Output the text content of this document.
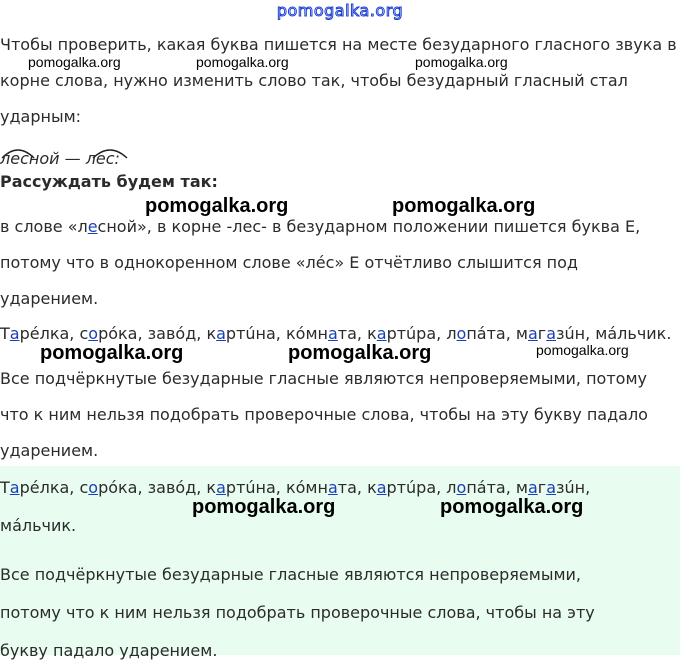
pomogalka.org
Чтобы проверить, какая буква пишется на месте безударного гласного звука в
pomogalka.org	pomogalka.org	pomogalka.org
корне слова, нужно изменить слово так, чтобы безударный гласный стал
ударным:
лесной — лес:
Рассуждать будем так:
pomogalka.org	pomogalka.org
в слове «лесной», в корне -лес- в безударном положении пишется буква Е,
потому что в однокоренном слове «лéс» Е отчётливо слышится под
ударением.
Тарéлка, сорóка, завóд, картúна, кóмната, картúра, лопáта, магазúн, мáльчик.
pomogalka.org	pomogalka.org	pomogalka.org
Все подчёркнутые безударные гласные являются непроверяемыми, потому
что к ним нельзя подобрать проверочные слова, чтобы на эту букву падало
ударением.
Тарéлка, сорóка, завóд, картúна, кóмната, картúра, лопáта, магазúн,
мáльчик.
pomogalka.org	pomogalka.org
Все подчёркнутые безударные гласные являются непроверяемыми,
потому что к ним нельзя подобрать проверочные слова, чтобы на эту
букву падало ударением.
